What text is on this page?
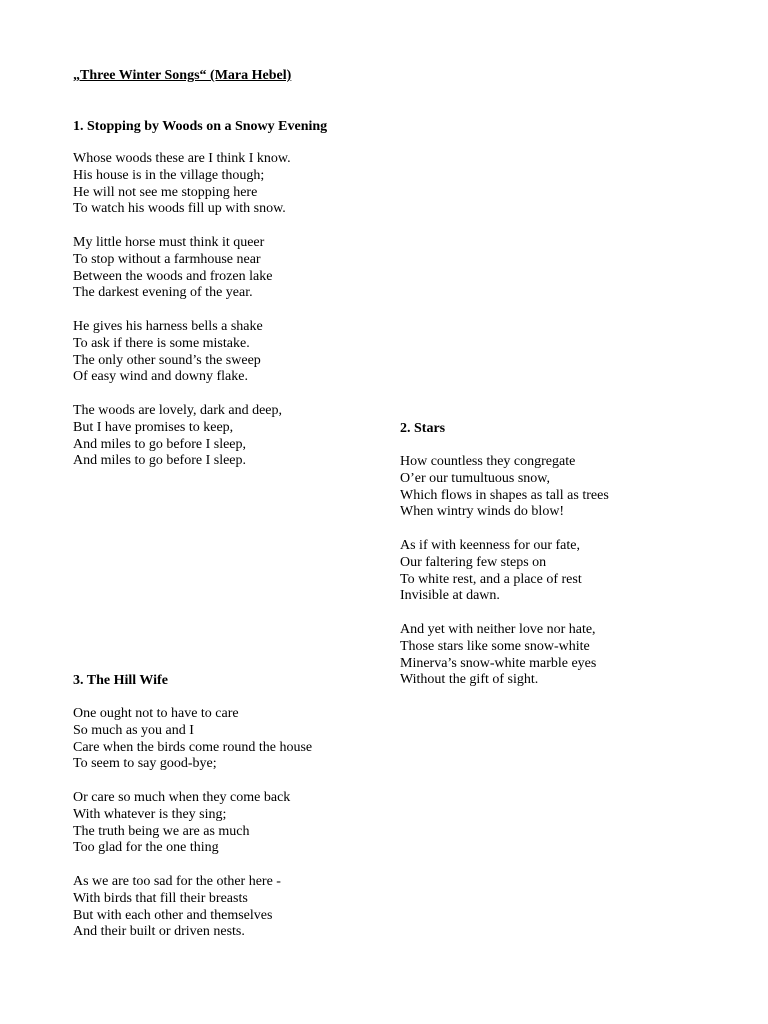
„Three Winter Songs“ (Mara Hebel)
1. Stopping by Woods on a Snowy Evening
Whose woods these are I think I know.
His house is in the village though;
He will not see me stopping here
To watch his woods fill up with snow.
My little horse must think it queer
To stop without a farmhouse near
Between the woods and frozen lake
The darkest evening of the year.
He gives his harness bells a shake
To ask if there is some mistake.
The only other sound’s the sweep
Of easy wind and downy flake.
The woods are lovely, dark and deep,
But I have promises to keep,
And miles to go before I sleep,
And miles to go before I sleep.
2. Stars
How countless they congregate
O’er our tumultuous snow,
Which flows in shapes as tall as trees
When wintry winds do blow!
As if with keenness for our fate,
Our faltering few steps on
To white rest, and a place of rest
Invisible at dawn.
And yet with neither love nor hate,
Those stars like some snow-white
Minerva’s snow-white marble eyes
Without the gift of sight.
3. The Hill Wife
One ought not to have to care
So much as you and I
Care when the birds come round the house
To seem to say good-bye;
Or care so much when they come back
With whatever is they sing;
The truth being we are as much
Too glad for the one thing
As we are too sad for the other here -
With birds that fill their breasts
But with each other and themselves
And their built or driven nests.
